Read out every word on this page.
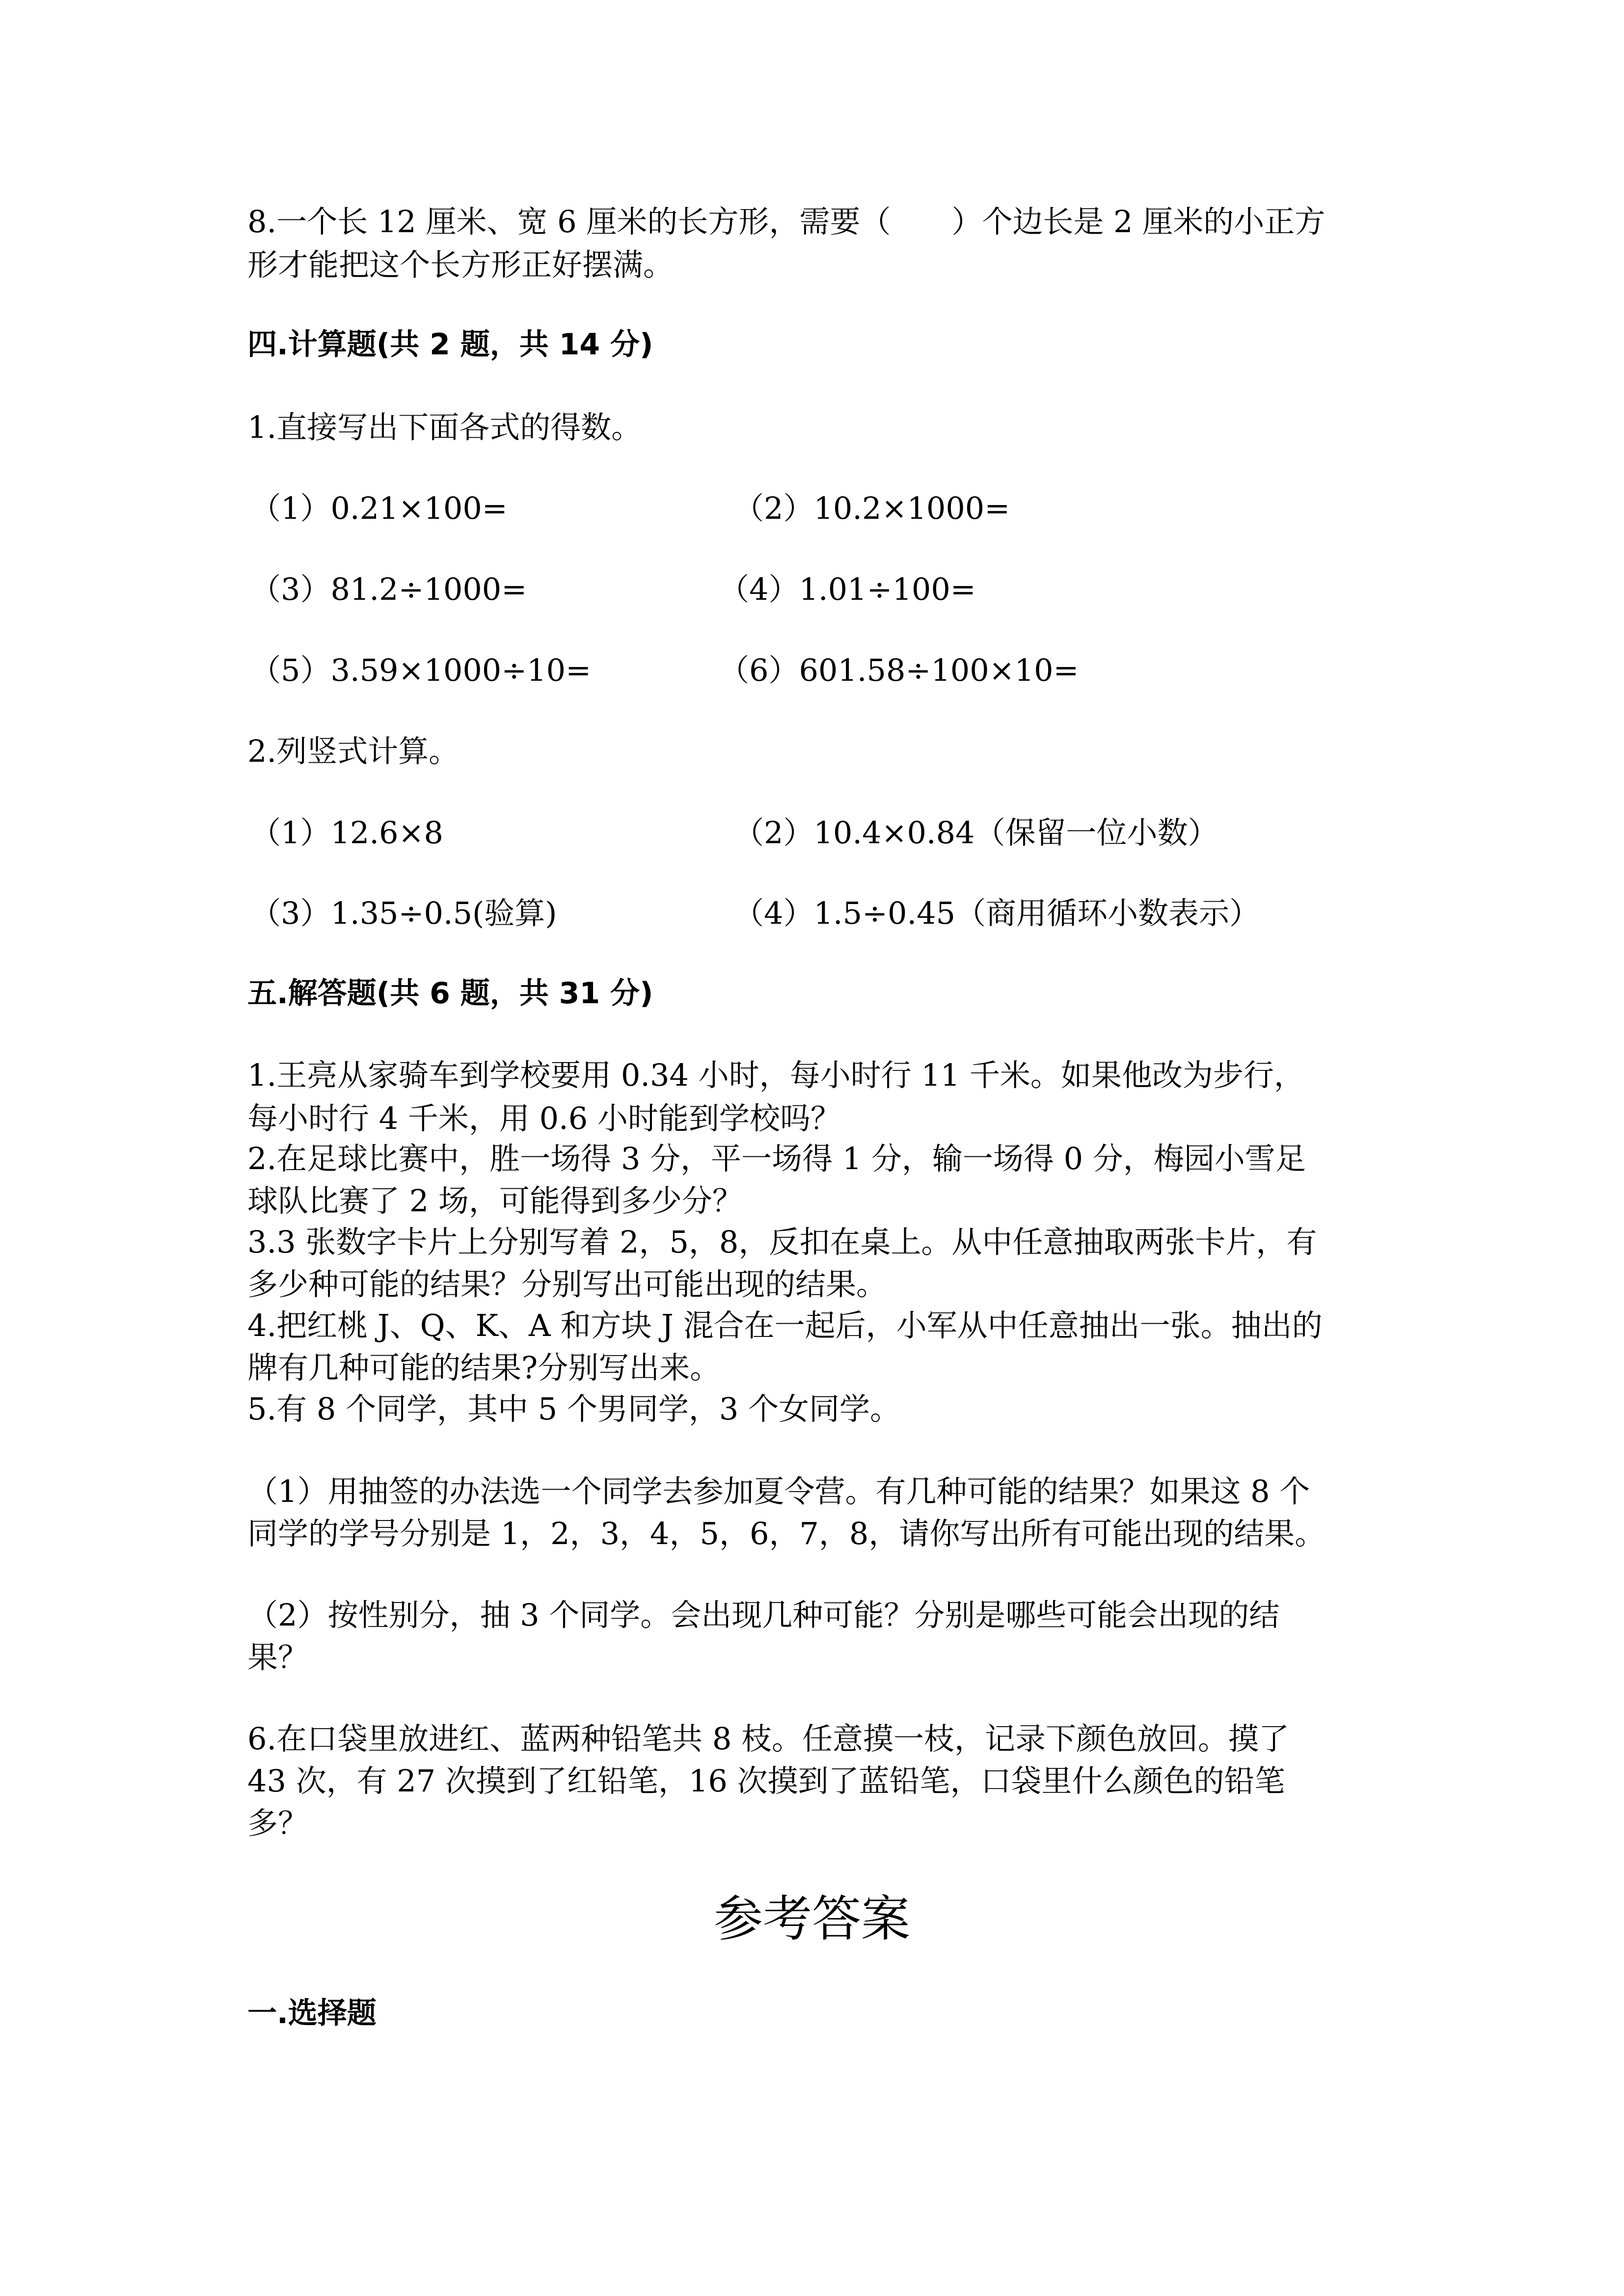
8.一个长 12 厘米、宽 6 厘米的长方形，需要（　　）个边长是 2 厘米的小正方
形才能把这个长方形正好摆满。
四.计算题(共 2 题，共 14 分)
1.直接写出下面各式的得数。
（1）0.21×100=	（2）10.2×1000=
（3）81.2÷1000=	（4）1.01÷100=
（5）3.59×1000÷10=	（6）601.58÷100×10=
2.列竖式计算。
（1）12.6×8	（2）10.4×0.84（保留一位小数）
（3）1.35÷0.5(验算)	（4）1.5÷0.45（商用循环小数表示）
五.解答题(共 6 题，共 31 分)
1.王亮从家骑车到学校要用 0.34 小时，每小时行 11 千米。如果他改为步行，
每小时行 4 千米，用 0.6 小时能到学校吗？
2.在足球比赛中，胜一场得 3 分，平一场得 1 分，输一场得 0 分，梅园小雪足
球队比赛了 2 场，可能得到多少分？
3.3 张数字卡片上分别写着 2，5，8，反扣在桌上。从中任意抽取两张卡片，有
多少种可能的结果？分别写出可能出现的结果。
4.把红桃 J、Q、K、A 和方块 J 混合在一起后，小军从中任意抽出一张。抽出的
牌有几种可能的结果?分别写出来。
5.有 8 个同学，其中 5 个男同学，3 个女同学。
（1）用抽签的办法选一个同学去参加夏令营。有几种可能的结果？如果这 8 个
同学的学号分别是 1，2，3，4，5，6，7，8，请你写出所有可能出现的结果。
（2）按性别分，抽 3 个同学。会出现几种可能？分别是哪些可能会出现的结
果？
6.在口袋里放进红、蓝两种铅笔共 8 枝。任意摸一枝，记录下颜色放回。摸了
43 次，有 27 次摸到了红铅笔，16 次摸到了蓝铅笔，口袋里什么颜色的铅笔
多？
参考答案
一.选择题
